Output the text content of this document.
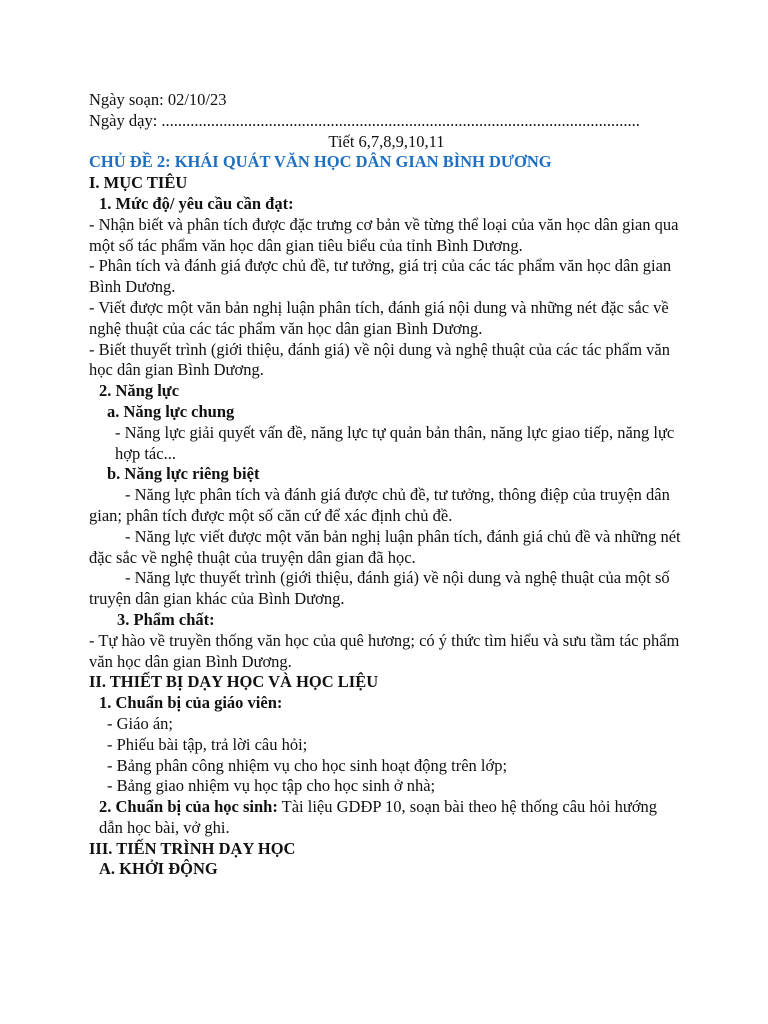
Ngày soạn: 02/10/23
Ngày dạy: ....................................................................................................................
Tiết 6,7,8,9,10,11
CHỦ ĐỀ 2: KHÁI QUÁT VĂN HỌC DÂN GIAN BÌNH DƯƠNG
I. MỤC TIÊU
1. Mức độ/ yêu cầu cần đạt:
- Nhận biết và phân tích được đặc trưng cơ bản về từng thể loại của văn học dân gian qua một số tác phẩm văn học dân gian tiêu biểu của tỉnh Bình Dương.
- Phân tích và đánh giá được chủ đề, tư tưởng, giá trị của các tác phẩm văn học dân gian Bình Dương.
- Viết được một văn bản nghị luận phân tích, đánh giá nội dung và những nét đặc sắc về nghệ thuật của các tác phẩm văn học dân gian Bình Dương.
- Biết thuyết trình (giới thiệu, đánh giá) về nội dung và nghệ thuật của các tác phẩm văn học dân gian Bình Dương.
2. Năng lực
a. Năng lực chung
- Năng lực giải quyết vấn đề, năng lực tự quản bản thân, năng lực giao tiếp, năng lực hợp tác...
b. Năng lực riêng biệt
- Năng lực phân tích và đánh giá được chủ đề, tư tưởng, thông điệp của truyện dân gian; phân tích được một số căn cứ để xác định chủ đề.
- Năng lực viết được một văn bản nghị luận phân tích, đánh giá chủ đề và những nét đặc sắc về nghệ thuật của truyện dân gian đã học.
- Năng lực thuyết trình (giới thiệu, đánh giá) về nội dung và nghệ thuật của một số truyện dân gian khác của Bình Dương.
3. Phẩm chất:
- Tự hào về truyền thống văn học của quê hương; có ý thức tìm hiểu và sưu tầm tác phẩm văn học dân gian Bình Dương.
II. THIẾT BỊ DẠY HỌC VÀ HỌC LIỆU
1. Chuẩn bị của giáo viên:
- Giáo án;
- Phiếu bài tập, trả lời câu hỏi;
- Bảng phân công nhiệm vụ cho học sinh hoạt động trên lớp;
- Bảng giao nhiệm vụ học tập cho học sinh ở nhà;
2. Chuẩn bị của học sinh: Tài liệu GDĐP 10, soạn bài theo hệ thống câu hỏi hướng dẫn học bài, vở ghi.
III. TIẾN TRÌNH DẠY HỌC
A. KHỞI ĐỘNG
